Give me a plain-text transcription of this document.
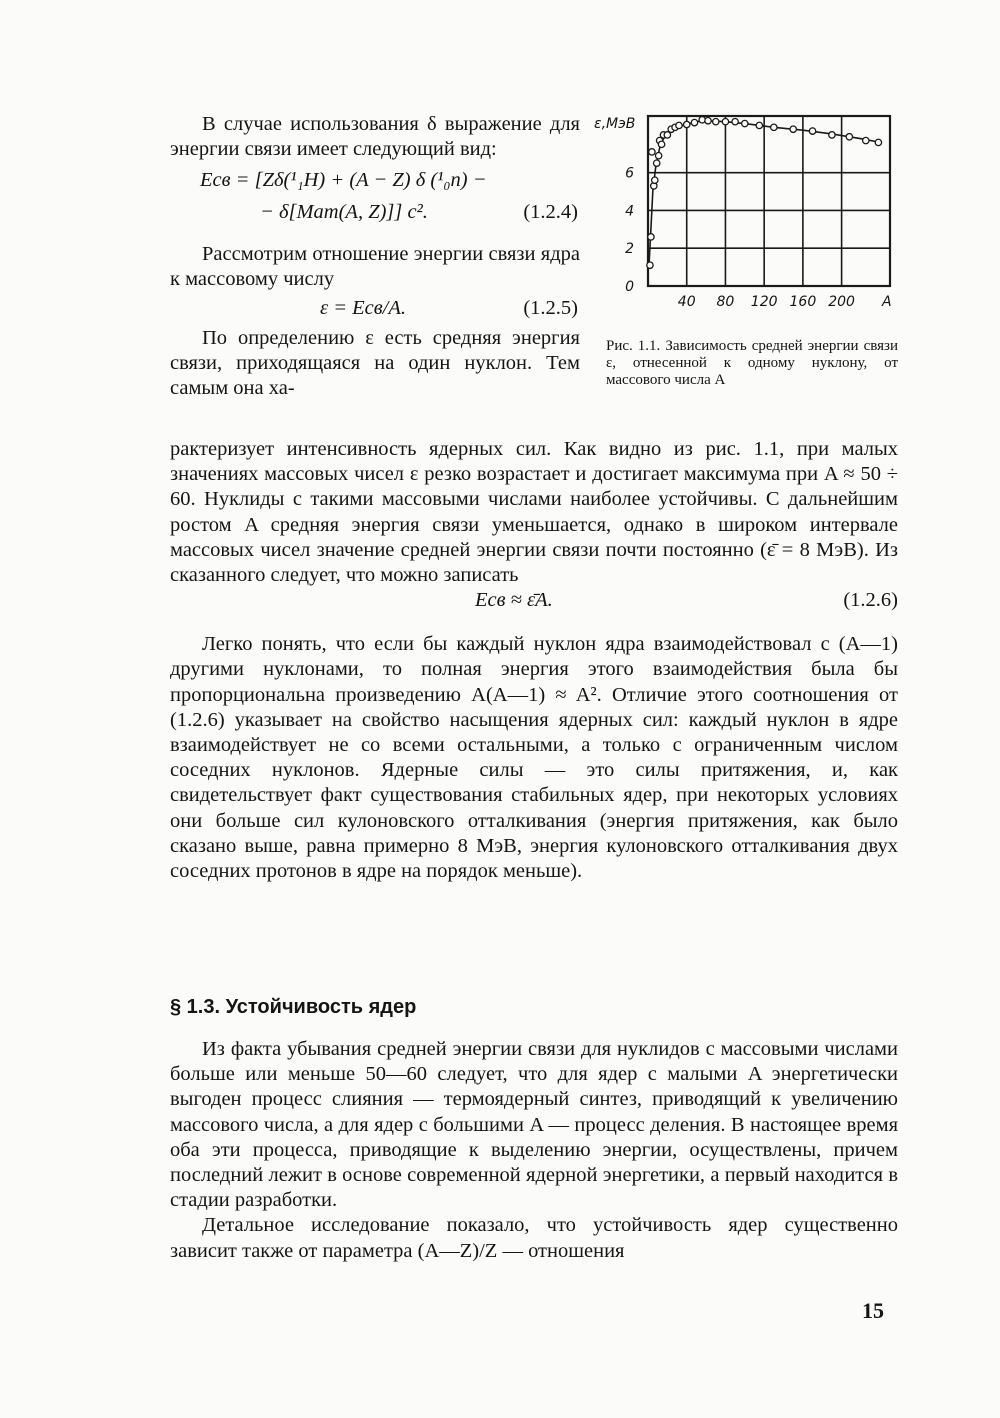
В случае использования δ выражение для энергии связи имеет следующий вид:

Eсв = [Zδ(¹₁H) + (A − Z) δ (¹₀n) −
− δ[Mат(A, Z)]] c².	(1.2.4)

Рассмотрим отношение энергии связи ядра к массовому числу

ε = Eсв/A.	(1.2.5)

По определению ε есть средняя энергия связи, приходящаяся на один нуклон. Тем самым она ха-

40 80 120 160 200
0
2
4
6
ε,МэВ
A
Рис. 1.1. Зависимость средней энергии связи ε, отнесенной к одному нуклону, от массового числа A

рактеризует интенсивность ядерных сил. Как видно из рис. 1.1, при малых значениях массовых чисел ε резко возрастает и достигает максимума при A ≈ 50 ÷ 60. Нуклиды с такими массовыми числами наиболее устойчивы. С дальнейшим ростом A средняя энергия связи уменьшается, однако в широком интервале массовых чисел значение средней энергии связи почти постоянно (ε̄ = 8 МэВ). Из сказанного следует, что можно записать

Eсв ≈ ε̄A.	(1.2.6)

Легко понять, что если бы каждый нуклон ядра взаимодействовал с (A—1) другими нуклонами, то полная энергия этого взаимодействия была бы пропорциональна произведению A(A—1) ≈ A². Отличие этого соотношения от (1.2.6) указывает на свойство насыщения ядерных сил: каждый нуклон в ядре взаимодействует не со всеми остальными, а только с ограниченным числом соседних нуклонов. Ядерные силы — это силы притяжения, и, как свидетельствует факт существования стабильных ядер, при некоторых условиях они больше сил кулоновского отталкивания (энергия притяжения, как было сказано выше, равна примерно 8 МэВ, энергия кулоновского отталкивания двух соседних протонов в ядре на порядок меньше).

§ 1.3. Устойчивость ядер

Из факта убывания средней энергии связи для нуклидов с массовыми числами больше или меньше 50—60 следует, что для ядер с малыми A энергетически выгоден процесс слияния — термоядерный синтез, приводящий к увеличению массового числа, а для ядер с большими A — процесс деления. В настоящее время оба эти процесса, приводящие к выделению энергии, осуществлены, причем последний лежит в основе современной ядерной энергетики, а первый находится в стадии разработки.

Детальное исследование показало, что устойчивость ядер существенно зависит также от параметра (A—Z)/Z — отношения

15
